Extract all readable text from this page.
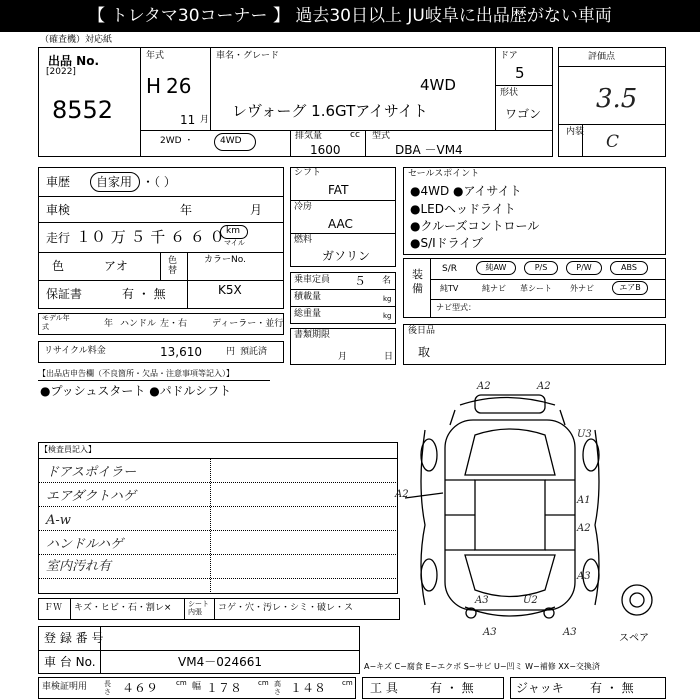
【 トレタマ30コーナー 】 過去30日以上 JU岐阜に出品歴がない車両
（確査機）対応紙
出品 No.
[2022]
8552
年式
H 26
11 月
車名・グレード
4WD
レヴォーグ 1.6GTアイサイト
ドア
5
形状
ワゴン
2WD ・	4WD	排気量	cc
1600
型式
DBA －VM4
評価点
3.5
内装 C
車歴 自家用 ・（ ）
車検	年	月
走行 １０ 万 ５ 千 ６ ６ ０ km
マイル
色	アオ	色替
カラーNo.
保証書	有 ・ 無	K5X
モデル年式	年 ハンドル 左・右	ディーラー・並行
リサイクル料金	13,610	円 預託済
シフト
FAT
冷房
AAC
燃料
ガソリン
乗車定員 ５ 名
積載量	kg
総重量	kg
書類期限
月	日
セールスポイント
●4WD ●アイサイト
●LEDヘッドライト
●クルーズコントロール
●S/Iドライブ
装備
S/R	純AW	P/S	P/W	ABS
純TV	純ナビ 革シート 外ナビ	エアB
ナビ型式：
後日品
取
【出品店申告欄（不良箇所・欠品・注意事項等記入）】
●プッシュスタート ●パドルシフト
【検査員記入】
ドアスポイラー
エアダクトハゲ
A-w
ハンドルハゲ
室内汚れ有
A2	A2
U3
A2
A1
A2
A3
A3	U2
A3	A3
スペア
ＦＷ キズ・ヒビ・石・割レ× シート内張	コゲ・穴・汚レ・シミ・破レ・ス
登 録 番 号
車 台 No.	VM4－024661	A−キズ C−腐食 E−エクボ S−サビ U−凹ミ W−補修 XX−交換済
車検証明用 長さ ４６９	cm 幅 １７８ cm 高さ １４８ cm 工 具	有 ・ 無	ジャッキ 有 ・ 無
